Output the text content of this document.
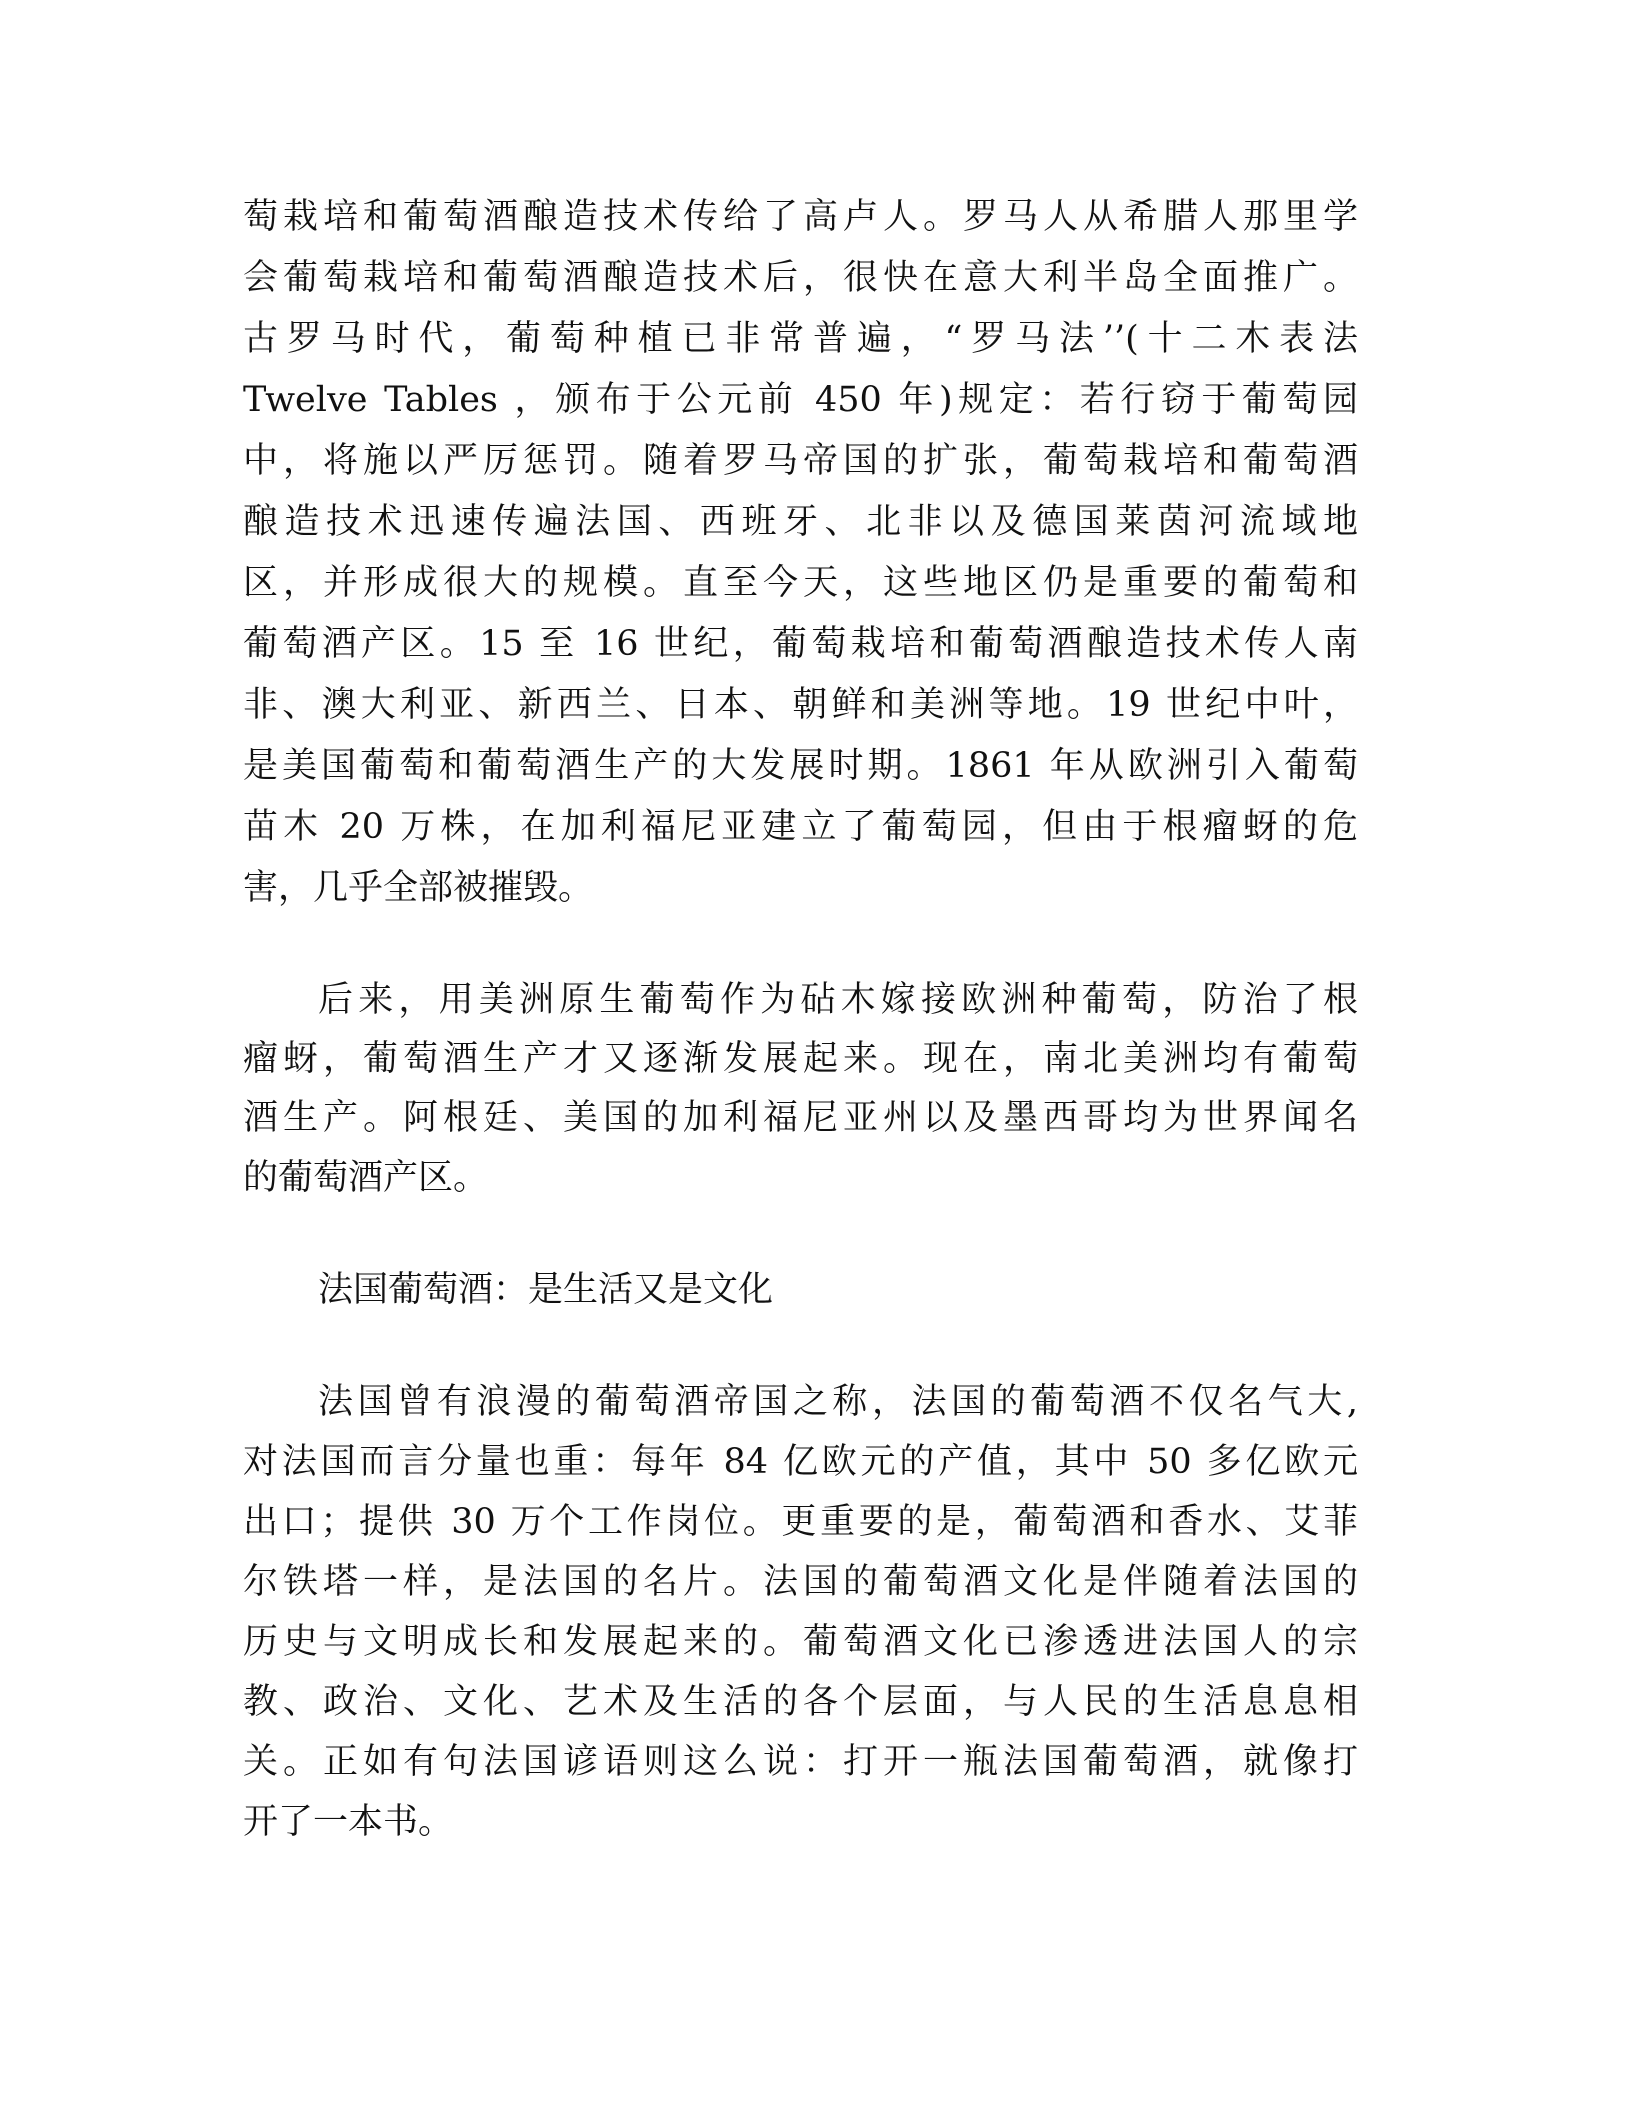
萄栽培和葡萄酒酿造技术传给了高卢人。罗马人从希腊人那里学
会葡萄栽培和葡萄酒酿造技术后，很快在意大利半岛全面推广。
古罗马时代，葡萄种植已非常普遍，“罗马法’’(十二木表法
Twelve Tables ，颁布于公元前 450 年)规定：若行窃于葡萄园
中，将施以严厉惩罚。随着罗马帝国的扩张，葡萄栽培和葡萄酒
酿造技术迅速传遍法国、西班牙、北非以及德国莱茵河流域地
区，并形成很大的规模。直至今天，这些地区仍是重要的葡萄和
葡萄酒产区。15 至 16 世纪，葡萄栽培和葡萄酒酿造技术传人南
非、澳大利亚、新西兰、日本、朝鲜和美洲等地。19 世纪中叶，
是美国葡萄和葡萄酒生产的大发展时期。1861 年从欧洲引入葡萄
苗木 20 万株，在加利福尼亚建立了葡萄园，但由于根瘤蚜的危
害，几乎全部被摧毁。
后来，用美洲原生葡萄作为砧木嫁接欧洲种葡萄，防治了根
瘤蚜，葡萄酒生产才又逐渐发展起来。现在，南北美洲均有葡萄
酒生产。阿根廷、美国的加利福尼亚州以及墨西哥均为世界闻名
的葡萄酒产区。
法国葡萄酒：是生活又是文化
法国曾有浪漫的葡萄酒帝国之称，法国的葡萄酒不仅名气大,
对法国而言分量也重：每年 84 亿欧元的产值，其中 50 多亿欧元
出口；提供 30 万个工作岗位。更重要的是，葡萄酒和香水、艾菲
尔铁塔一样，是法国的名片。法国的葡萄酒文化是伴随着法国的
历史与文明成长和发展起来的。葡萄酒文化已渗透进法国人的宗
教、政治、文化、艺术及生活的各个层面，与人民的生活息息相
关。正如有句法国谚语则这么说：打开一瓶法国葡萄酒，就像打
开了一本书。
